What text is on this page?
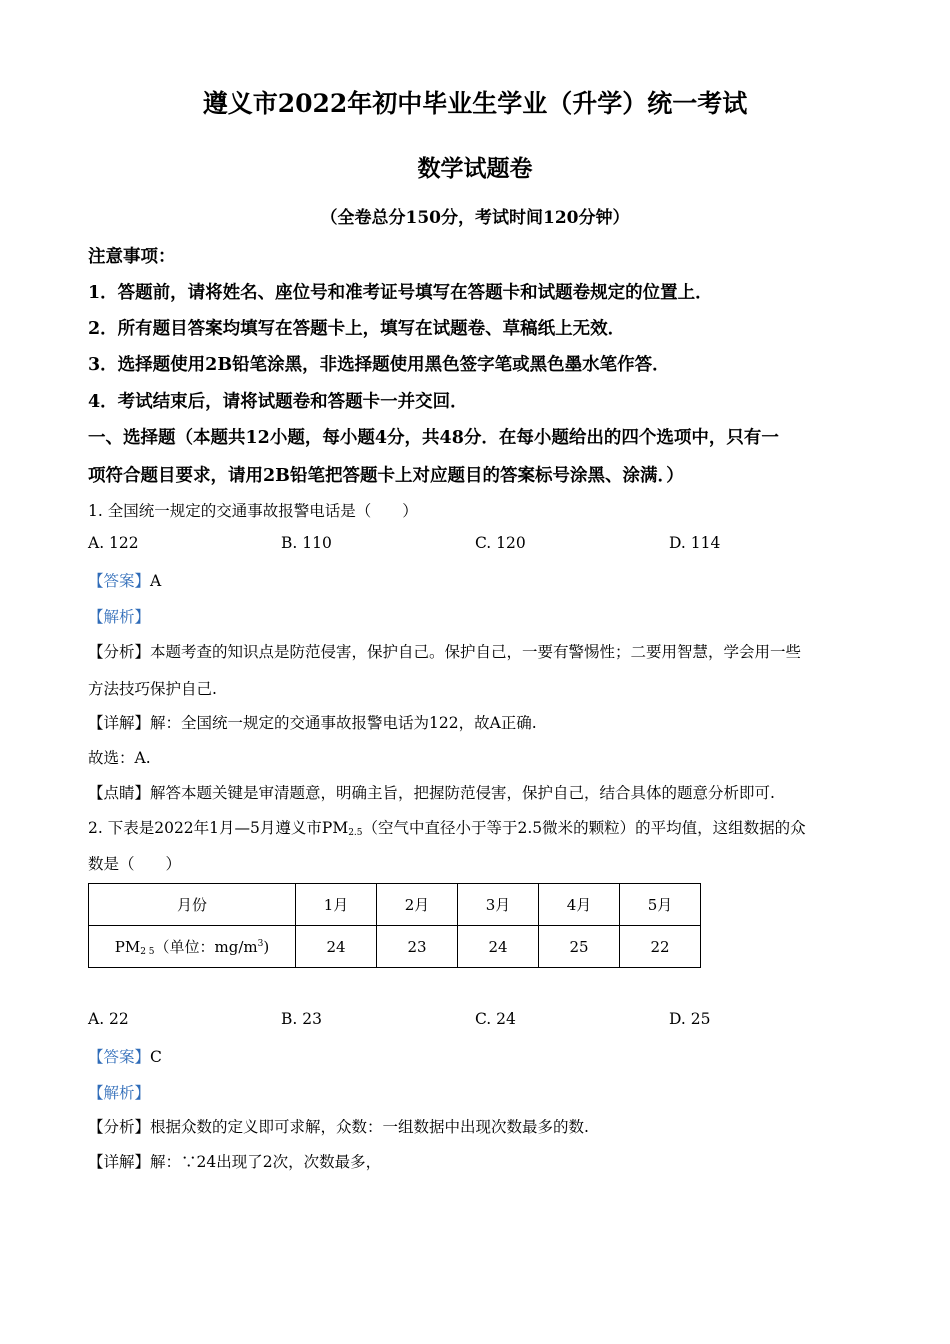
遵义市2022年初中毕业生学业（升学）统一考试
数学试题卷
（全卷总分150分，考试时间120分钟）
注意事项：
1．答题前，请将姓名、座位号和准考证号填写在答题卡和试题卷规定的位置上．
2．所有题目答案均填写在答题卡上，填写在试题卷、草稿纸上无效．
3．选择题使用2B铅笔涂黑，非选择题使用黑色签字笔或黑色墨水笔作答．
4．考试结束后，请将试题卷和答题卡一并交回．
一、选择题（本题共12小题，每小题4分，共48分．在每小题给出的四个选项中，只有一
项符合题目要求，请用2B铅笔把答题卡上对应题目的答案标号涂黑、涂满．）
1. 全国统一规定的交通事故报警电话是（　　）
A. 122	B. 110	C. 120	D. 114
【答案】A
【解析】
【分析】本题考查的知识点是防范侵害，保护自己。保护自己，一要有警惕性；二要用智慧，学会用一些
方法技巧保护自己.
【详解】解：全国统一规定的交通事故报警电话为122，故A正确.
故选：A.
【点睛】解答本题关键是审清题意，明确主旨，把握防范侵害，保护自己，结合具体的题意分析即可.
2. 下表是2022年1月—5月遵义市$PM_{2.5}$（空气中直径小于等于2.5微米的颗粒）的平均值，这组数据的众
数是（　　）
月份	1月	2月	3月	4月	5月
$PM_{2 5}$（单位：$mg/m^3$)	24	23	24	25	22
A. 22	B. 23	C. 24	D. 25
【答案】C
【解析】
【分析】根据众数的定义即可求解，众数：一组数据中出现次数最多的数.
【详解】解：∵24出现了2次，次数最多，
